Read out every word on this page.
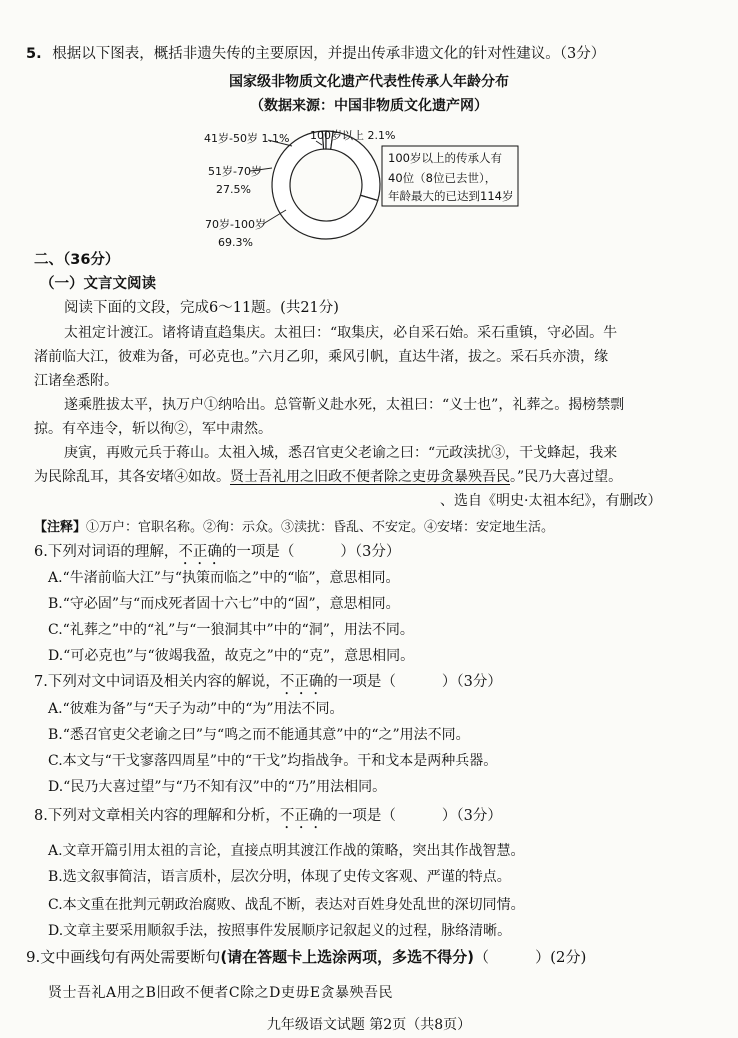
5. 根据以下图表，概括非遗失传的主要原因，并提出传承非遗文化的针对性建议。（3分）
国家级非物质文化遗产代表性传承人年龄分布
（数据来源：中国非物质文化遗产网）
41岁-50岁 1.1% 100岁以上 2.1%
51岁-70岁
27.5%
70岁-100岁
69.3%
100岁以上的传承人有
40位（8位已去世），
年龄最大的已达到114岁
二、（36分）
（一）文言文阅读
阅读下面的文段，完成6～11题。(共21分)
太祖定计渡江。诸将请直趋集庆。太祖曰：“取集庆，必自采石始。采石重镇，守必固。牛
渚前临大江，彼难为备，可必克也。”六月乙卯，乘风引帆，直达牛渚，拔之。采石兵亦溃，缘
江诸垒悉附。
遂乘胜拔太平，执万户①纳哈出。总管靳义赴水死，太祖曰：“义士也”，礼葬之。揭榜禁剽
掠。有卒违令，斩以徇②，军中肃然。
庚寅，再败元兵于蒋山。太祖入城，悉召官吏父老谕之曰：“元政渎扰③，干戈蜂起，我来
为民除乱耳，其各安堵④如故。贤士吾礼用之旧政不便者除之吏毋贪暴殃吾民。”民乃大喜过望。
、选自《明史·太祖本纪》，有删改）
【注释】①万户：官职名称。②徇：示众。③渎扰：昏乱、不安定。④安堵：安定地生活。
6.下列对词语的理解，不正确的一项是（	）（3分）
A.“牛渚前临大江”与“执策而临之”中的“临”，意思相同。
B.“守必固”与“而戍死者固十六七”中的“固”，意思相同。
C.“礼葬之”中的“礼”与“一狼洞其中”中的“洞”，用法不同。
D.“可必克也”与“彼竭我盈，故克之”中的“克”，意思相同。
7.下列对文中词语及相关内容的解说，不正确的一项是（	）（3分）
A.“彼难为备”与“天子为动”中的“为”用法不同。
B.“悉召官吏父老谕之曰”与“鸣之而不能通其意”中的“之”用法不同。
C.本文与“干戈寥落四周星”中的“干戈”均指战争。干和戈本是两种兵器。
D.“民乃大喜过望”与“乃不知有汉”中的“乃”用法相同。
8.下列对文章相关内容的理解和分析，不正确的一项是（	）（3分）
A.文章开篇引用太祖的言论，直接点明其渡江作战的策略，突出其作战智慧。
B.选文叙事简洁，语言质朴，层次分明，体现了史传文客观、严谨的特点。
C.本文重在批判元朝政治腐败、战乱不断，表达对百姓身处乱世的深切同情。
D.文章主要采用顺叙手法，按照事件发展顺序记叙起义的过程，脉络清晰。
9.文中画线句有两处需要断句(请在答题卡上选涂两项，多选不得分)（	）(2分)
贤士吾礼A用之B旧政不便者C除之D吏毋E贪暴殃吾民
九年级语文试题 第2页（共8页）
